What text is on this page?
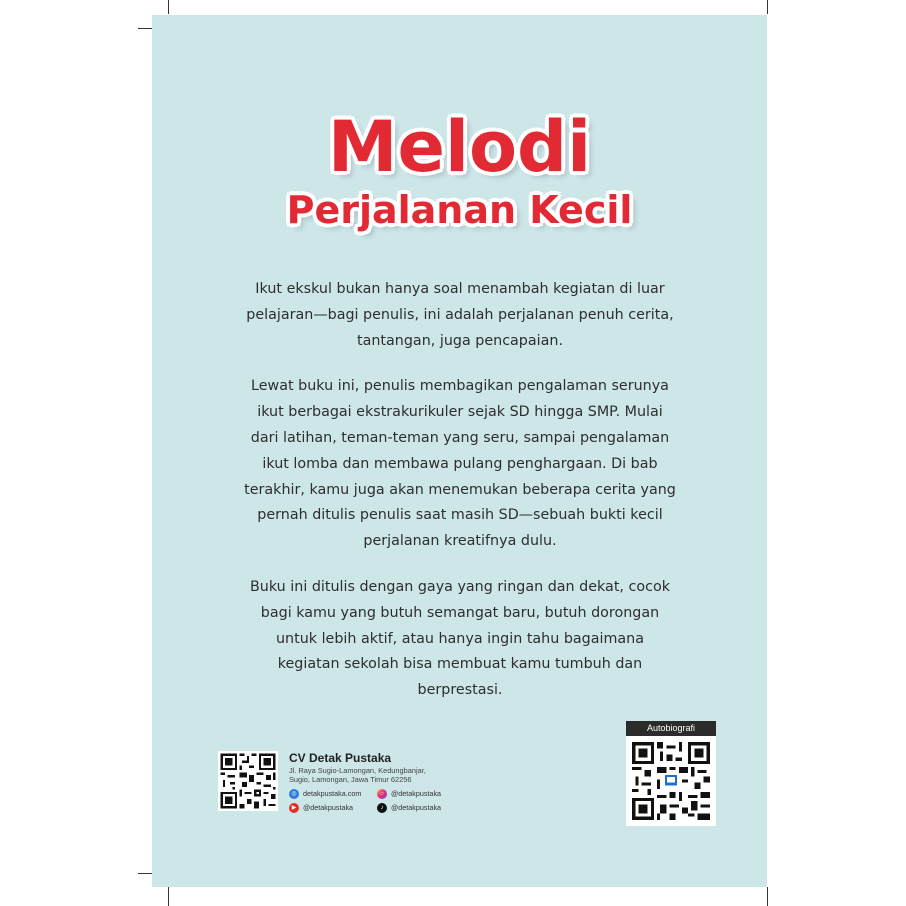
Melodi
Perjalanan Kecil

Ikut ekskul bukan hanya soal menambah kegiatan di luar pelajaran—bagi penulis, ini adalah perjalanan penuh cerita, tantangan, juga pencapaian.

Lewat buku ini, penulis membagikan pengalaman serunya ikut berbagai ekstrakurikuler sejak SD hingga SMP. Mulai dari latihan, teman-teman yang seru, sampai pengalaman ikut lomba dan membawa pulang penghargaan. Di bab terakhir, kamu juga akan menemukan beberapa cerita yang pernah ditulis penulis saat masih SD—sebuah bukti kecil perjalanan kreatifnya dulu.

Buku ini ditulis dengan gaya yang ringan dan dekat, cocok bagi kamu yang butuh semangat baru, butuh dorongan untuk lebih aktif, atau hanya ingin tahu bagaimana kegiatan sekolah bisa membuat kamu tumbuh dan berprestasi.

CV Detak Pustaka
Jl. Raya Sugio-Lamongan, Kedungbanjar,
Sugio, Lamongan, Jawa Timur 62256
◎ detakpustaka.com	○ @detakpustaka
▶ @detakpustaka	♪	@detakpustaka
Autobiografi
